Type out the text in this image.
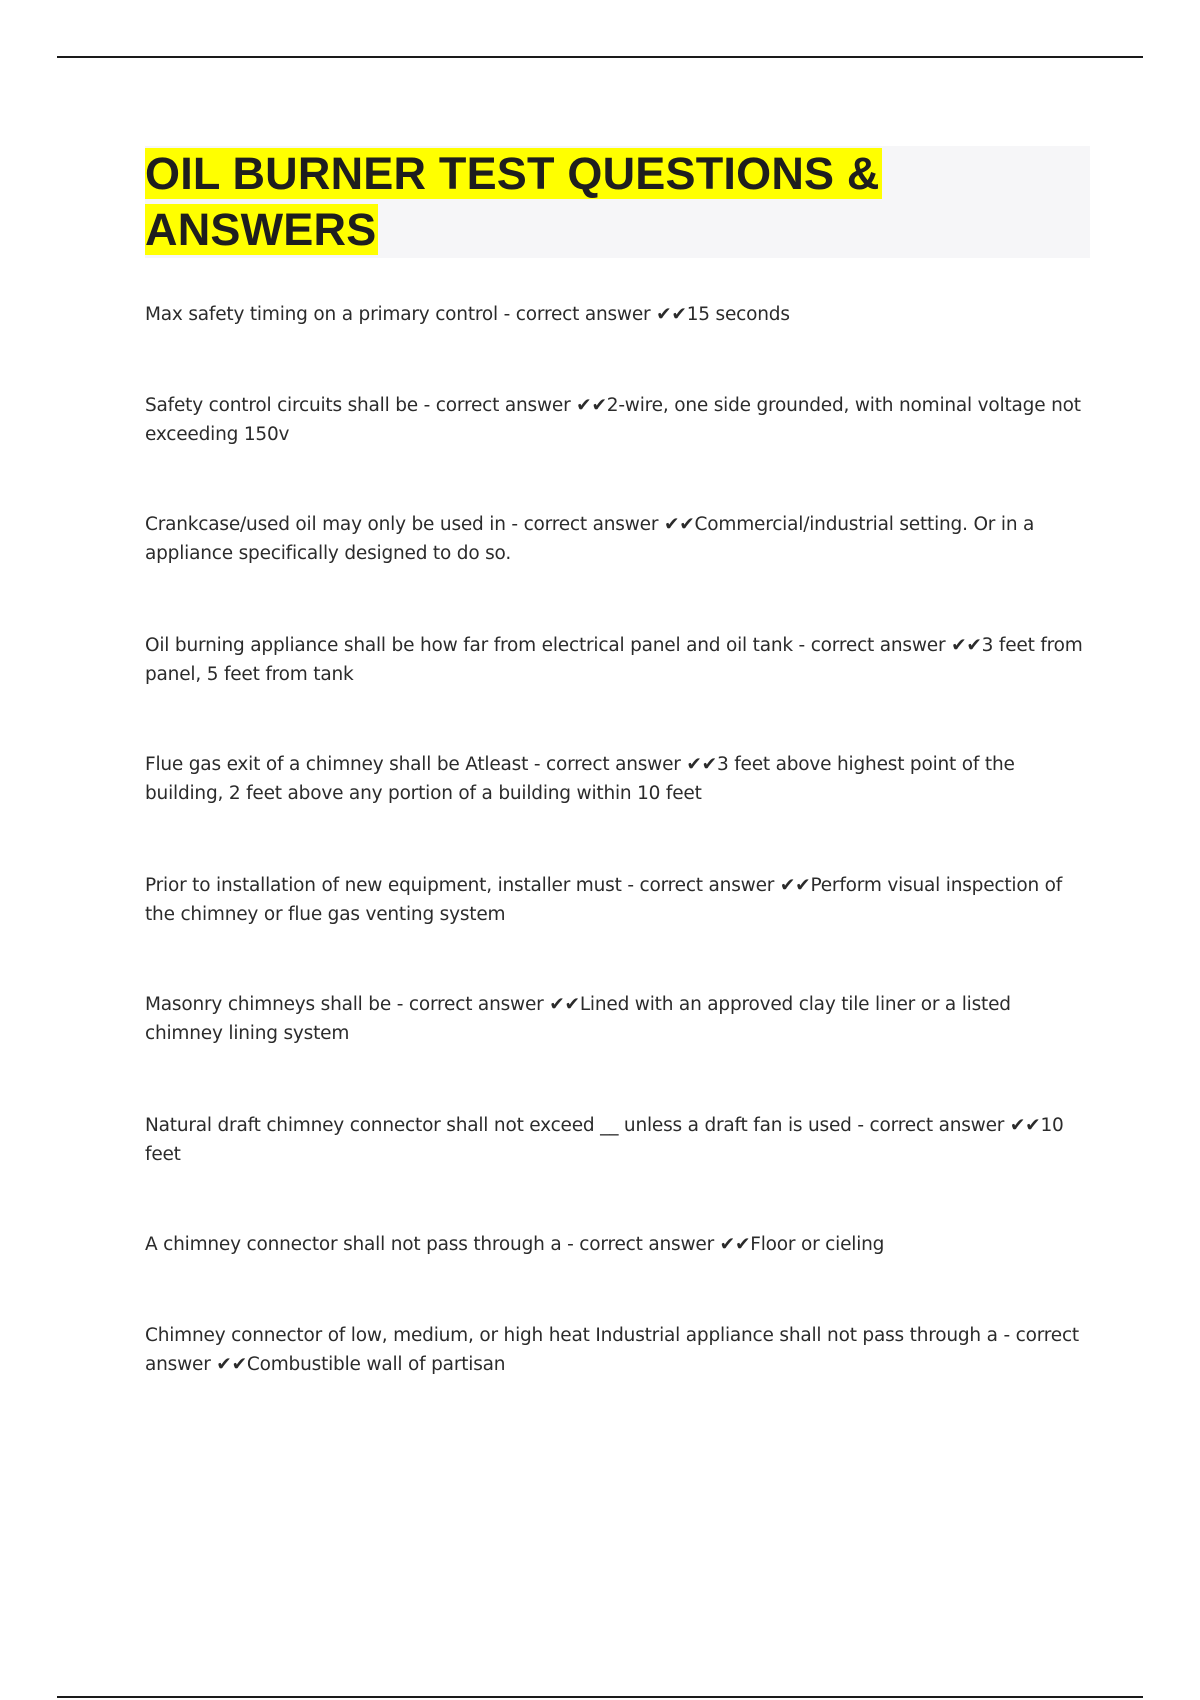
OIL BURNER TEST QUESTIONS & ANSWERS
Max safety timing on a primary control - correct answer ✔✔15 seconds
Safety control circuits shall be - correct answer ✔✔2-wire, one side grounded, with nominal voltage not exceeding 150v
Crankcase/used oil may only be used in - correct answer ✔✔Commercial/industrial setting. Or in a appliance specifically designed to do so.
Oil burning appliance shall be how far from electrical panel and oil tank - correct answer ✔✔3 feet from panel, 5 feet from tank
Flue gas exit of a chimney shall be Atleast - correct answer ✔✔3 feet above highest point of the building, 2 feet above any portion of a building within 10 feet
Prior to installation of new equipment, installer must - correct answer ✔✔Perform visual inspection of the chimney or flue gas venting system
Masonry chimneys shall be - correct answer ✔✔Lined with an approved clay tile liner or a listed chimney lining system
Natural draft chimney connector shall not exceed __ unless a draft fan is used - correct answer ✔✔10 feet
A chimney connector shall not pass through a - correct answer ✔✔Floor or cieling
Chimney connector of low, medium, or high heat Industrial appliance shall not pass through a - correct answer ✔✔Combustible wall of partisan
